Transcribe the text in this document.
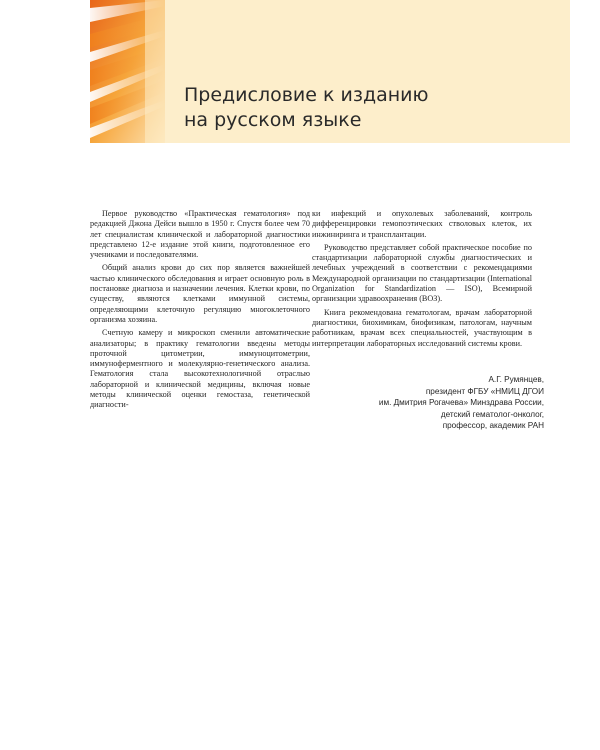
Предисловие к изданию
на русском языке

Первое руководство «Практическая гематология» под редакцией Джона Дейси вышло в 1950 г. Спустя более чем 70 лет специалистам клинической и лабораторной диагностики представлено 12-е издание этой книги, подготовленное его учениками и последователями.

Общий анализ крови до сих пор является важнейшей частью клинического обследования и играет основную роль в постановке диагноза и назначении лечения. Клетки крови, по существу, являются клетками иммунной системы, определяющими клеточную регуляцию многоклеточного организма хозяина.

Счетную камеру и микроскоп сменили автоматические анализаторы; в практику гематологии введены методы проточной цитометрии, иммуноцитометрии, иммуноферментного и молекулярно-генетического анализа. Гематология стала высокотехнологичной отраслью лабораторной и клинической медицины, включая новые методы клинической оценки гемостаза, генетической диагности-

ки инфекций и опухолевых заболеваний, контроль дифференцировки гемопоэтических стволовых клеток, их инжиниринга и трансплантации.

Руководство представляет собой практическое пособие по стандартизации лабораторной службы диагностических и лечебных учреждений в соответствии с рекомендациями Международной организации по стандартизации (International Organization for Standardization — ISO), Всемирной организации здравоохранения (ВОЗ).

Книга рекомендована гематологам, врачам лабораторной диагностики, биохимикам, биофизикам, патологам, научным работникам, врачам всех специальностей, участвующим в интерпретации лабораторных исследований системы крови.

А.Г. Румянцев,
президент ФГБУ «НМИЦ ДГОИ
им. Дмитрия Рогачева» Минздрава России,
детский гематолог-онколог,
профессор, академик РАН
